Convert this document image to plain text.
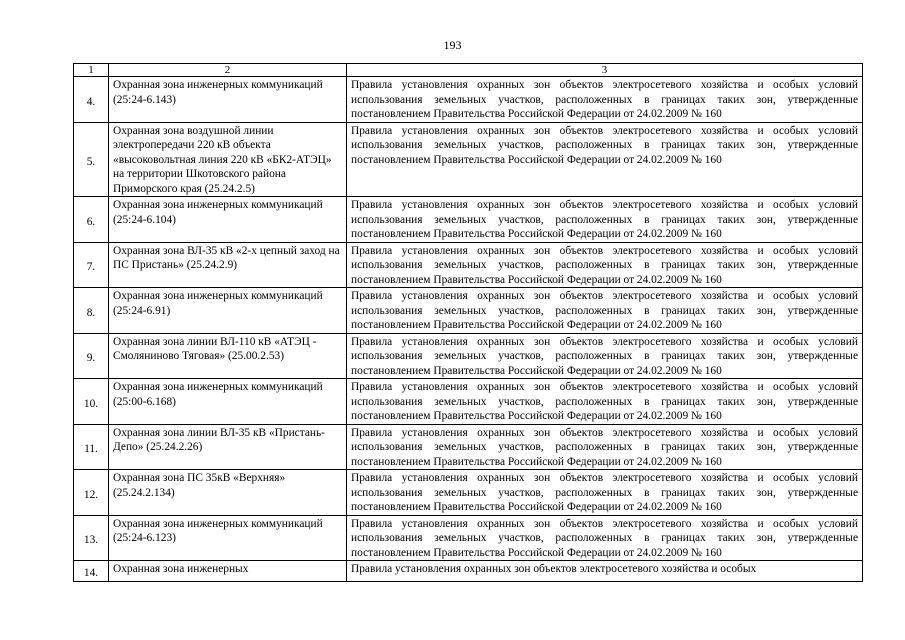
193
1	2	3
4.	Охранная зона инженерных коммуникаций (25:24-6.143)	Правила установления охранных зон объектов электросетевого хозяйства и особых условий использования земельных участков, расположенных в границах таких зон, утвержденные постановлением Правительства Российской Федерации от 24.02.2009 № 160
5.	Охранная зона воздушной линии электропередачи 220 кВ объекта «высоковольтная линия 220 кВ «БК2-АТЭЦ» на территории Шкотовского района Приморского края (25.24.2.5)	Правила установления охранных зон объектов электросетевого хозяйства и особых условий использования земельных участков, расположенных в границах таких зон, утвержденные постановлением Правительства Российской Федерации от 24.02.2009 № 160
6.	Охранная зона инженерных коммуникаций (25:24-6.104)	Правила установления охранных зон объектов электросетевого хозяйства и особых условий использования земельных участков, расположенных в границах таких зон, утвержденные постановлением Правительства Российской Федерации от 24.02.2009 № 160
7.	Охранная зона ВЛ-35 кВ «2-х цепный заход на ПС Пристань» (25.24.2.9)	Правила установления охранных зон объектов электросетевого хозяйства и особых условий использования земельных участков, расположенных в границах таких зон, утвержденные постановлением Правительства Российской Федерации от 24.02.2009 № 160
8.	Охранная зона инженерных коммуникаций (25:24-6.91)	Правила установления охранных зон объектов электросетевого хозяйства и особых условий использования земельных участков, расположенных в границах таких зон, утвержденные постановлением Правительства Российской Федерации от 24.02.2009 № 160
9.	Охранная зона линии ВЛ-110 кВ «АТЭЦ - Смоляниново Тяговая» (25.00.2.53)	Правила установления охранных зон объектов электросетевого хозяйства и особых условий использования земельных участков, расположенных в границах таких зон, утвержденные постановлением Правительства Российской Федерации от 24.02.2009 № 160
10.	Охранная зона инженерных коммуникаций (25:00-6.168)	Правила установления охранных зон объектов электросетевого хозяйства и особых условий использования земельных участков, расположенных в границах таких зон, утвержденные постановлением Правительства Российской Федерации от 24.02.2009 № 160
11.	Охранная зона линии ВЛ-35 кВ «Пристань-Депо» (25.24.2.26)	Правила установления охранных зон объектов электросетевого хозяйства и особых условий использования земельных участков, расположенных в границах таких зон, утвержденные постановлением Правительства Российской Федерации от 24.02.2009 № 160
12.	Охранная зона ПС 35кВ «Верхняя» (25.24.2.134)	Правила установления охранных зон объектов электросетевого хозяйства и особых условий использования земельных участков, расположенных в границах таких зон, утвержденные постановлением Правительства Российской Федерации от 24.02.2009 № 160
13.	Охранная зона инженерных коммуникаций (25:24-6.123)	Правила установления охранных зон объектов электросетевого хозяйства и особых условий использования земельных участков, расположенных в границах таких зон, утвержденные постановлением Правительства Российской Федерации от 24.02.2009 № 160
14.	Охранная зона инженерных	Правила установления охранных зон объектов электросетевого хозяйства и особых
